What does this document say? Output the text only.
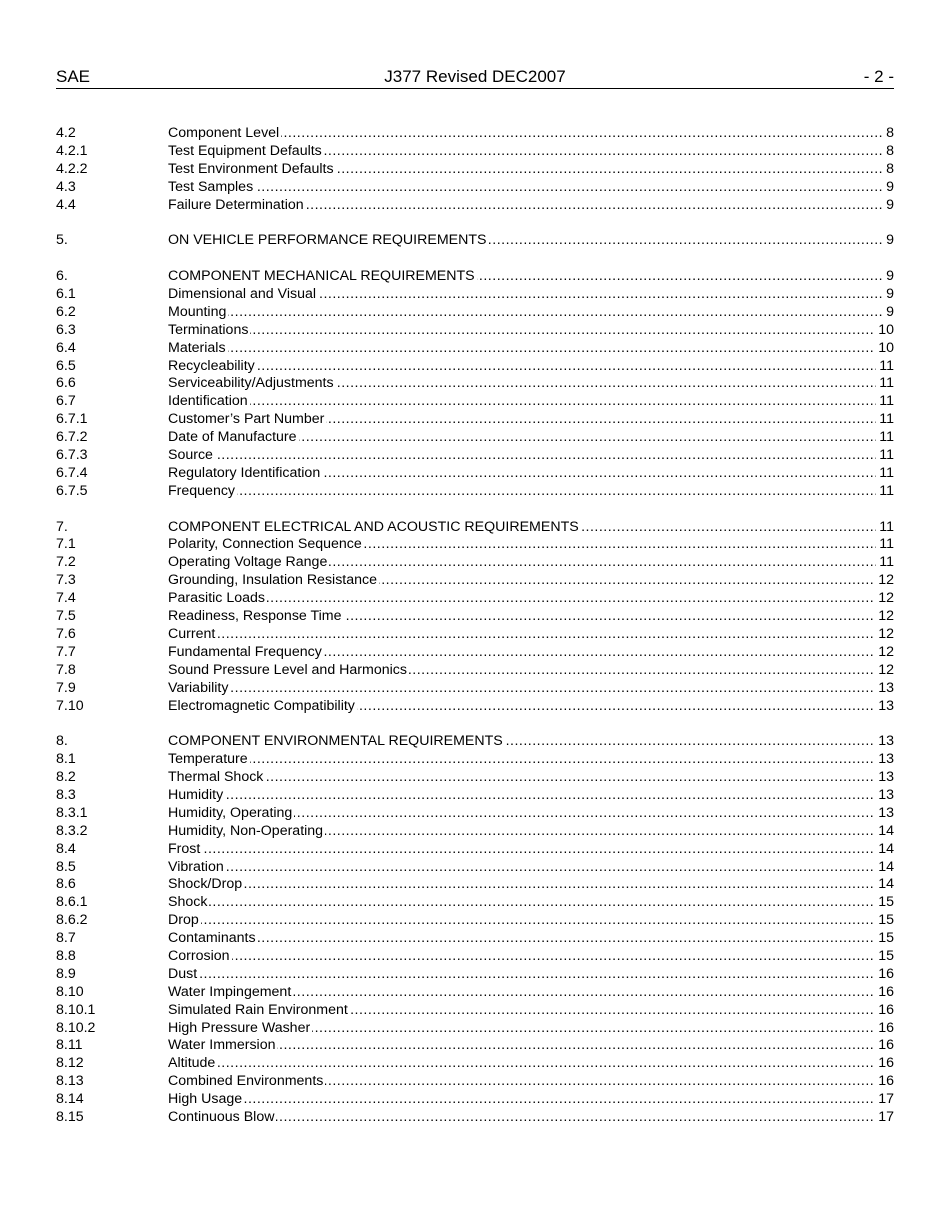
SAE	J377 Revised DEC2007	- 2 -
4.2	Component Level .....	8
4.2.1	Test Equipment Defaults .....	8
4.2.2	Test Environment Defaults .....	8
4.3	Test Samples .....	9
4.4	Failure Determination .....	9
5.	ON VEHICLE PERFORMANCE REQUIREMENTS .....	9
6.	COMPONENT MECHANICAL REQUIREMENTS .....	9
6.1	Dimensional and Visual .....	9
6.2	Mounting .....	9
6.3	Terminations .....	10
6.4	Materials .....	10
6.5	Recycleability .....	11
6.6	Serviceability/Adjustments .....	11
6.7	Identification .....	11
6.7.1	Customer’s Part Number .....	11
6.7.2	Date of Manufacture .....	11
6.7.3	Source .....	11
6.7.4	Regulatory Identification .....	11
6.7.5	Frequency .....	11
7.	COMPONENT ELECTRICAL AND ACOUSTIC REQUIREMENTS .....	11
7.1	Polarity, Connection Sequence .....	11
7.2	Operating Voltage Range .....	11
7.3	Grounding, Insulation Resistance .....	12
7.4	Parasitic Loads .....	12
7.5	Readiness, Response Time .....	12
7.6	Current .....	12
7.7	Fundamental Frequency .....	12
7.8	Sound Pressure Level and Harmonics .....	12
7.9	Variability .....	13
7.10	Electromagnetic Compatibility .....	13
8.	COMPONENT ENVIRONMENTAL REQUIREMENTS .....	13
8.1	Temperature .....	13
8.2	Thermal Shock .....	13
8.3	Humidity .....	13
8.3.1	Humidity, Operating .....	13
8.3.2	Humidity, Non-Operating .....	14
8.4	Frost .....	14
8.5	Vibration .....	14
8.6	Shock/Drop .....	14
8.6.1	Shock .....	15
8.6.2	Drop .....	15
8.7	Contaminants .....	15
8.8	Corrosion .....	15
8.9	Dust .....	16
8.10	Water Impingement .....	16
8.10.1	Simulated Rain Environment .....	16
8.10.2	High Pressure Washer .....	16
8.11	Water Immersion .....	16
8.12	Altitude .....	16
8.13	Combined Environments .....	16
8.14	High Usage .....	17
8.15	Continuous Blow .....	17
